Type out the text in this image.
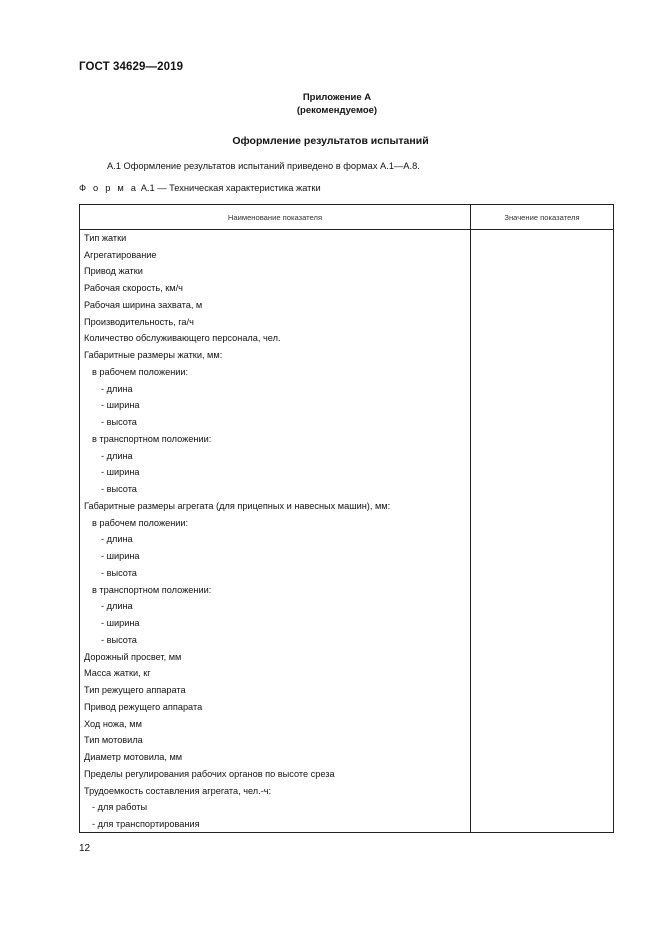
ГОСТ 34629—2019
Приложение А
(рекомендуемое)
Оформление результатов испытаний
А.1 Оформление результатов испытаний приведено в формах А.1—А.8.
Ф о р м а А.1 — Техническая характеристика жатки
Наименование показателя	Значение показателя
Тип жатки	
Агрегатирование	
Привод жатки	
Рабочая скорость, км/ч	
Рабочая ширина захвата, м	
Производительность, га/ч	
Количество обслуживающего персонала, чел.	
Габаритные размеры жатки, мм:	
в рабочем положении:	
- длина	
- ширина	
- высота	
в транспортном положении:	
- длина	
- ширина	
- высота	
Габаритные размеры агрегата (для прицепных и навесных машин), мм:	
в рабочем положении:	
- длина	
- ширина	
- высота	
в транспортном положении:	
- длина	
- ширина	
- высота	
Дорожный просвет, мм	
Масса жатки, кг	
Тип режущего аппарата	
Привод режущего аппарата	
Ход ножа, мм	
Тип мотовила	
Диаметр мотовила, мм	
Пределы регулирования рабочих органов по высоте среза	
Трудоемкость составления агрегата, чел.-ч:	
- для работы	
- для транспортирования	
12
